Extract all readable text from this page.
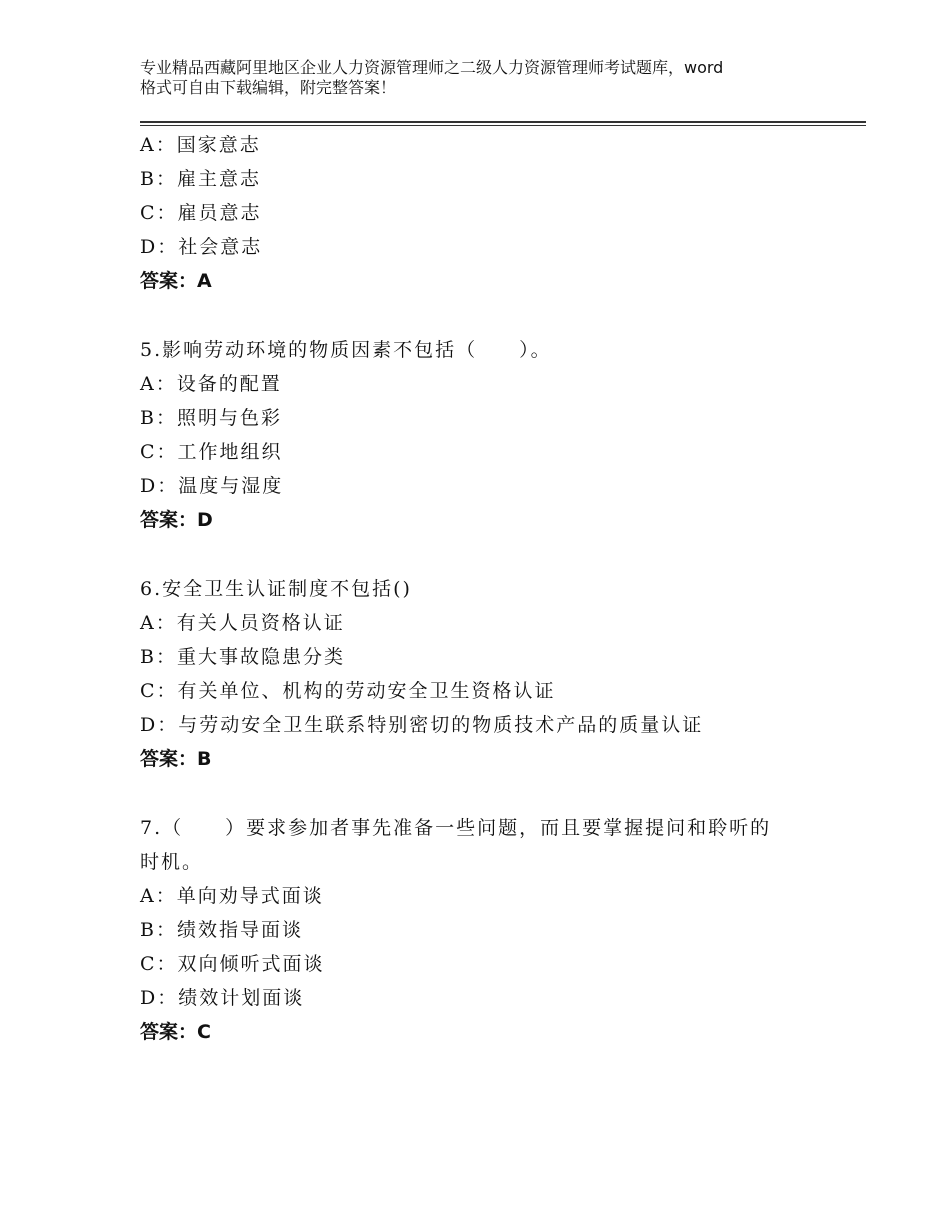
专业精品西藏阿里地区企业人力资源管理师之二级人力资源管理师考试题库，word
格式可自由下载编辑，附完整答案！
A：国家意志
B：雇主意志
C：雇员意志
D：社会意志
答案：A
5.影响劳动环境的物质因素不包括（　　）。
A：设备的配置
B：照明与色彩
C：工作地组织
D：温度与湿度
答案：D
6.安全卫生认证制度不包括()
A：有关人员资格认证
B：重大事故隐患分类
C：有关单位、机构的劳动安全卫生资格认证
D：与劳动安全卫生联系特别密切的物质技术产品的质量认证
答案：B
7.（　　）要求参加者事先准备一些问题，而且要掌握提问和聆听的
时机。
A：单向劝导式面谈
B：绩效指导面谈
C：双向倾听式面谈
D：绩效计划面谈
答案：C
